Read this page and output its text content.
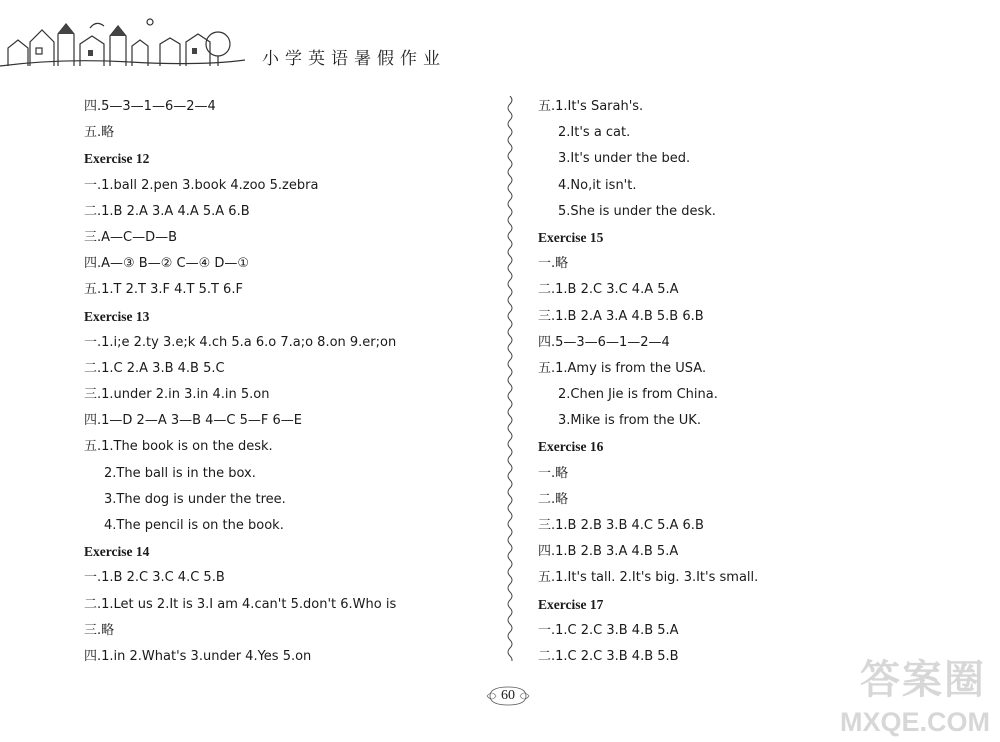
小学英语暑假作业
四.5—3—1—6—2—4
五.略
Exercise 12
一.1.ball 2.pen 3.book 4.zoo 5.zebra
二.1.B 2.A 3.A 4.A 5.A 6.B
三.A—C—D—B
四.A—③ B—② C—④ D—①
五.1.T 2.T 3.F 4.T 5.T 6.F
Exercise 13
一.1.i;e 2.ty 3.e;k 4.ch 5.a 6.o 7.a;o 8.on 9.er;on
二.1.C 2.A 3.B 4.B 5.C
三.1.under 2.in 3.in 4.in 5.on
四.1—D 2—A 3—B 4—C 5—F 6—E
五.1.The book is on the desk.
2.The ball is in the box.
3.The dog is under the tree.
4.The pencil is on the book.
Exercise 14
一.1.B 2.C 3.C 4.C 5.B
二.1.Let us 2.It is 3.I am 4.can't 5.don't 6.Who is
三.略
四.1.in 2.What's 3.under 4.Yes 5.on
五.1.It's Sarah's.
2.It's a cat.
3.It's under the bed.
4.No,it isn't.
5.She is under the desk.
Exercise 15
一.略
二.1.B 2.C 3.C 4.A 5.A
三.1.B 2.A 3.A 4.B 5.B 6.B
四.5—3—6—1—2—4
五.1.Amy is from the USA.
2.Chen Jie is from China.
3.Mike is from the UK.
Exercise 16
一.略
二.略
三.1.B 2.B 3.B 4.C 5.A 6.B
四.1.B 2.B 3.A 4.B 5.A
五.1.It's tall. 2.It's big. 3.It's small.
Exercise 17
一.1.C 2.C 3.B 4.B 5.A
二.1.C 2.C 3.B 4.B 5.B
60	答案圈
MXQE.COM
